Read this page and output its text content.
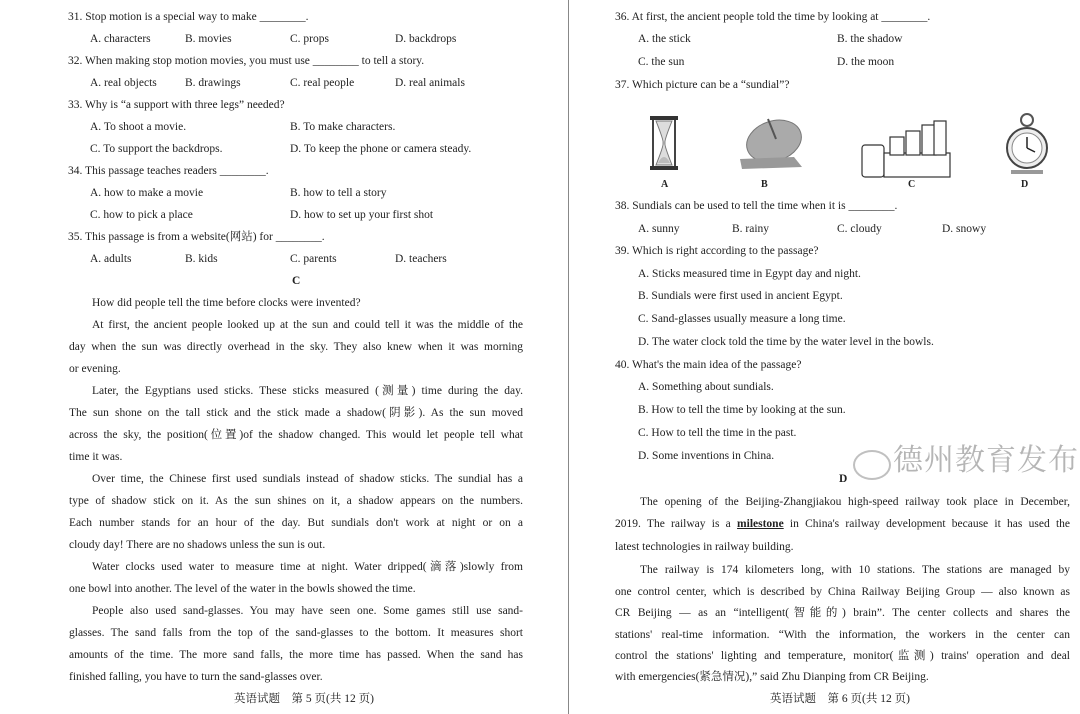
31. Stop motion is a special way to make ________.
A. characters	B. movies	C. props	D. backdrops
32. When making stop motion movies, you must use ________ to tell a story.
A. real objects B. drawings	C. real people	D. real animals
33. Why is “a support with three legs” needed?
A. To shoot a movie.	B. To make characters.
C. To support the backdrops.	D. To keep the phone or camera steady.
34. This passage teaches readers ________.
A. how to make a movie	B. how to tell a story
C. how to pick a place	D. how to set up your first shot
35. This passage is from a website(网站) for ________.
A. adults	B. kids	C. parents	D. teachers
C
How did people tell the time before clocks were invented?
At first, the ancient people looked up at the sun and could tell it was the middle of the
day when the sun was directly overhead in the sky. They also knew when it was morning
or evening.
Later, the Egyptians used sticks. These sticks measured (测量) time during the day.
The sun shone on the tall stick and the stick made a shadow(阴影). As the sun moved
across the sky, the position(位置)of the shadow changed. This would let people tell what
time it was.
Over time, the Chinese first used sundials instead of shadow sticks. The sundial has a
type of shadow stick on it. As the sun shines on it, a shadow appears on the numbers.
Each number stands for an hour of the day. But sundials don't work at night or on a
cloudy day! There are no shadows unless the sun is out.
Water clocks used water to measure time at night. Water dripped(滴落)slowly from
one bowl into another. The level of the water in the bowls showed the time.
People also used sand-glasses. You may have seen one. Some games still use sand-
glasses. The sand falls from the top of the sand-glasses to the bottom. It measures short
amounts of the time. The more sand falls, the more time has passed. When the sand has
finished falling, you have to turn the sand-glasses over.
英语试题　第 5 页(共 12 页)
36. At first, the ancient people told the time by looking at ________.
A. the stick	B. the shadow
C. the sun	D. the moon
37. Which picture can be a “sundial”?
A	B	C	D
38. Sundials can be used to tell the time when it is ________.
A. sunny	B. rainy	C. cloudy	D. snowy
39. Which is right according to the passage?
A. Sticks measured time in Egypt day and night.
B. Sundials were first used in ancient Egypt.
C. Sand-glasses usually measure a long time.
D. The water clock told the time by the water level in the bowls.
40. What's the main idea of the passage?
A. Something about sundials.
B. How to tell the time by looking at the sun.
C. How to tell the time in the past.
D. Some inventions in China.
D
The opening of the Beijing-Zhangjiakou high-speed railway took place in December,
2019. The railway is a milestone in China's railway development because it has used the
latest technologies in railway building.
The railway is 174 kilometers long, with 10 stations. The stations are managed by
one control center, which is described by China Railway Beijing Group — also known as
CR Beijing — as an “intelligent(智能的) brain”. The center collects and shares the
stations' real-time information. “With the information, the workers in the center can
control the stations' lighting and temperature, monitor(监测) trains' operation and deal
with emergencies(紧急情况),” said Zhu Dianping from CR Beijing.
英语试题　第 6 页(共 12 页)
德州教育发布
